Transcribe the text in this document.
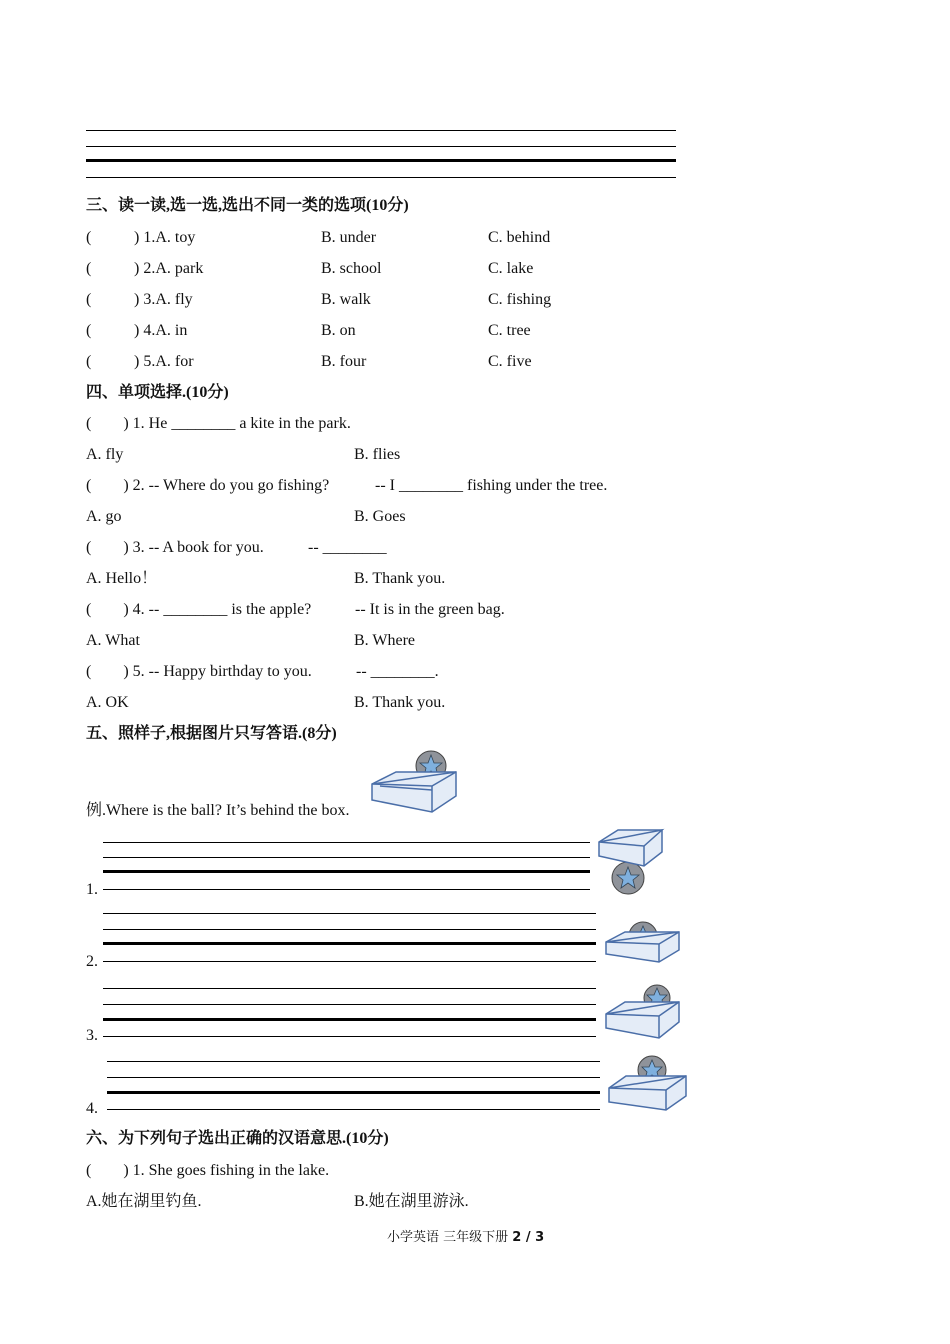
三、读一读,选一选,选出不同一类的选项(10分)
(	) 1.A. toy	B. under	C. behind
(	) 2.A. park	B. school	C. lake
(	) 3.A. fly	B. walk	C. fishing
(	) 4.A. in	B. on	C. tree
(	) 5.A. for	B. four	C. five
四、单项选择.(10分)
(　　) 1. He ________ a kite in the park.
A. fly	B. flies
(　　) 2. -- Where do you go fishing?	-- I ________ fishing under the tree.
A. go	B. Goes
(　　) 3. -- A book for you.	-- ________
A. Hello！	B. Thank you.
(　　) 4. -- ________ is the apple?	-- It is in the green bag.
A. What	B. Where
(　　) 5. -- Happy birthday to you.	-- ________.
A. OK	B. Thank you.
五、照样子,根据图片只写答语.(8分)
例.Where is the ball? It’s behind the box.
1.
2.
3.
4.
六、为下列句子选出正确的汉语意思.(10分)
(　　) 1. She goes fishing in the lake.
A.她在湖里钓鱼.	B.她在湖里游泳.
小学英语 三年级下册 2 / 3
